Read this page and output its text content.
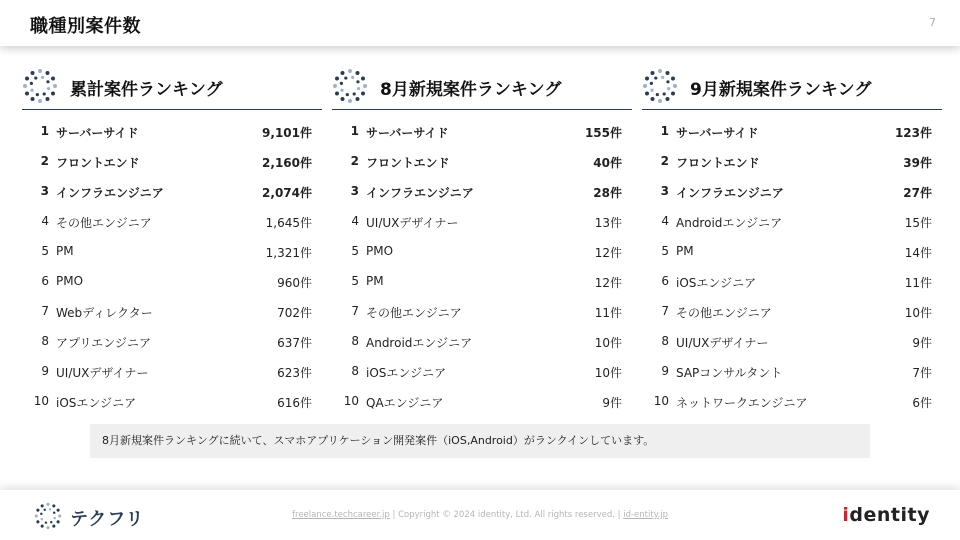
職種別案件数	7
累計案件ランキング
1 サーバーサイド	9,101件
2 フロントエンド	2,160件
3 インフラエンジニア	2,074件
4 その他エンジニア	1,645件
5 PM	1,321件
6 PMO	960件
7 Webディレクター	702件
8 アプリエンジニア	637件
9 UI/UXデザイナー	623件
10 iOSエンジニア	616件
8月新規案件ランキング
1 サーバーサイド	155件
2 フロントエンド	40件
3 インフラエンジニア	28件
4 UI/UXデザイナー	13件
5 PMO	12件
5 PM	12件
7 その他エンジニア	11件
8 Androidエンジニア	10件
8 iOSエンジニア	10件
10 QAエンジニア	9件
9月新規案件ランキング
1 サーバーサイド	123件
2 フロントエンド	39件
3 インフラエンジニア	27件
4 Androidエンジニア	15件
5 PM	14件
6 iOSエンジニア	11件
7 その他エンジニア	10件
8 UI/UXデザイナー	9件
9 SAPコンサルタント	7件
10 ネットワークエンジニア	6件
8月新規案件ランキングに続いて、スマホアプリケーション開発案件（iOS,Android）がランクインしています。
テクフリ	freelance.techcareer.jp | Copyright © 2024 identity, Ltd. All rights reserved. | id-entity.jp	identity
